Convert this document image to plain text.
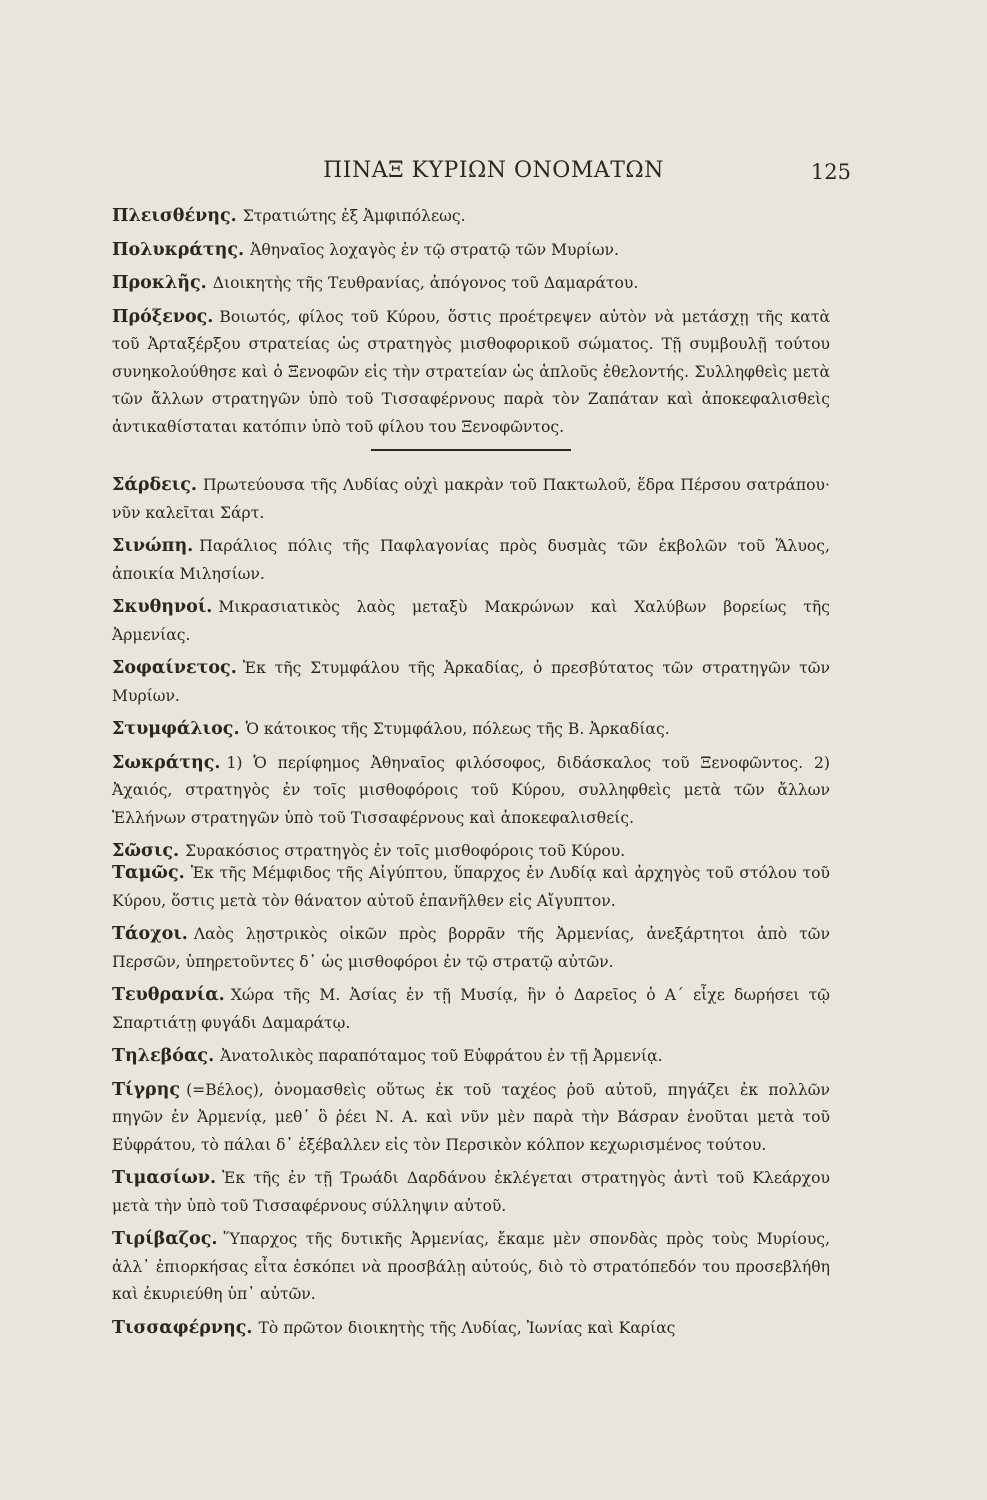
ΠΙΝΑΞ ΚΥΡΙΩΝ ΟΝΟΜΑΤΩΝ	125
Πλεισθένης. Στρατιώτης ἐξ Ἀμφιπόλεως.
Πολυκράτης. Ἀθηναῖος λοχαγὸς ἐν τῷ στρατῷ τῶν Μυρίων.
Προκλῆς. Διοικητὴς τῆς Τευθρανίας, ἀπόγονος τοῦ Δαμαράτου.
Πρόξενος. Βοιωτός, φίλος τοῦ Κύρου, ὅστις προέτρεψεν αὐτὸν νὰ μετάσχῃ τῆς κατὰ τοῦ Ἀρταξέρξου στρατείας ὡς στρατηγὸς μισθοφορικοῦ σώματος. Τῇ συμβουλῇ τούτου συνηκολούθησε καὶ ὁ Ξενοφῶν εἰς τὴν στρατείαν ὡς ἁπλοῦς ἐθελοντής. Συλληφθεὶς μετὰ τῶν ἄλλων στρατηγῶν ὑπὸ τοῦ Τισσαφέρνους παρὰ τὸν Ζαπάταν καὶ ἀποκεφαλισθεὶς ἀντικαθίσταται κατόπιν ὑπὸ τοῦ φίλου του Ξενοφῶντος.
Σάρδεις. Πρωτεύουσα τῆς Λυδίας οὐχὶ μακρὰν τοῦ Πακτωλοῦ, ἕδρα Πέρσου σατράπου· νῦν καλεῖται Σάρτ.
Σινώπη. Παράλιος πόλις τῆς Παφλαγονίας πρὸς δυσμὰς τῶν ἐκβολῶν τοῦ Ἅλυος, ἀποικία Μιλησίων.
Σκυθηνοί. Μικρασιατικὸς λαὸς μεταξὺ Μακρώνων καὶ Χαλύβων βορείως τῆς Ἀρμενίας.
Σοφαίνετος. Ἐκ τῆς Στυμφάλου τῆς Ἀρκαδίας, ὁ πρεσβύτατος τῶν στρατηγῶν τῶν Μυρίων.
Στυμφάλιος. Ὁ κάτοικος τῆς Στυμφάλου, πόλεως τῆς Β. Ἀρκαδίας.
Σωκράτης. 1) Ὁ περίφημος Ἀθηναῖος φιλόσοφος, διδάσκαλος τοῦ Ξενοφῶντος. 2) Ἀχαιός, στρατηγὸς ἐν τοῖς μισθοφόροις τοῦ Κύρου, συλληφθεὶς μετὰ τῶν ἄλλων Ἑλλήνων στρατηγῶν ὑπὸ τοῦ Τισσαφέρνους καὶ ἀποκεφαλισθείς.
Σῶσις. Συρακόσιος στρατηγὸς ἐν τοῖς μισθοφόροις τοῦ Κύρου.
Ταμῶς. Ἐκ τῆς Μέμφιδος τῆς Αἰγύπτου, ὕπαρχος ἐν Λυδίᾳ καὶ ἀρχηγὸς τοῦ στόλου τοῦ Κύρου, ὅστις μετὰ τὸν θάνατον αὐτοῦ ἐπανῆλθεν εἰς Αἴγυπτον.
Τάοχοι. Λαὸς λῃστρικὸς οἰκῶν πρὸς βορρᾶν τῆς Ἀρμενίας, ἀνεξάρτητοι ἀπὸ τῶν Περσῶν, ὑπηρετοῦντες δ᾽ ὡς μισθοφόροι ἐν τῷ στρατῷ αὐτῶν.
Τευθρανία. Χώρα τῆς Μ. Ἀσίας ἐν τῇ Μυσίᾳ, ἣν ὁ Δαρεῖος ὁ Α´ εἶχε δωρήσει τῷ Σπαρτιάτῃ φυγάδι Δαμαράτῳ.
Τηλεβόας. Ἀνατολικὸς παραπόταμος τοῦ Εὐφράτου ἐν τῇ Ἀρμενίᾳ.
Τίγρης (=Βέλος), ὀνομασθεὶς οὕτως ἐκ τοῦ ταχέος ῥοῦ αὐτοῦ, πηγάζει ἐκ πολλῶν πηγῶν ἐν Ἀρμενίᾳ, μεθ᾽ ὃ ῥέει Ν. Α. καὶ νῦν μὲν παρὰ τὴν Βάσραν ἑνοῦται μετὰ τοῦ Εὐφράτου, τὸ πάλαι δ᾽ ἐξέβαλλεν εἰς τὸν Περσικὸν κόλπον κεχωρισμένος τούτου.
Τιμασίων. Ἐκ τῆς ἐν τῇ Τρωάδι Δαρδάνου ἐκλέγεται στρατηγὸς ἀντὶ τοῦ Κλεάρχου μετὰ τὴν ὑπὸ τοῦ Τισσαφέρνους σύλληψιν αὐτοῦ.
Τιρίβαζος. Ὕπαρχος τῆς δυτικῆς Ἀρμενίας, ἔκαμε μὲν σπονδὰς πρὸς τοὺς Μυρίους, ἀλλ᾽ ἐπιορκήσας εἶτα ἐσκόπει νὰ προσβάλῃ αὐτούς, διὸ τὸ στρατόπεδόν του προσεβλήθη καὶ ἐκυριεύθη ὑπ᾽ αὐτῶν.
Τισσαφέρνης. Τὸ πρῶτον διοικητὴς τῆς Λυδίας, Ἰωνίας καὶ Καρίας
